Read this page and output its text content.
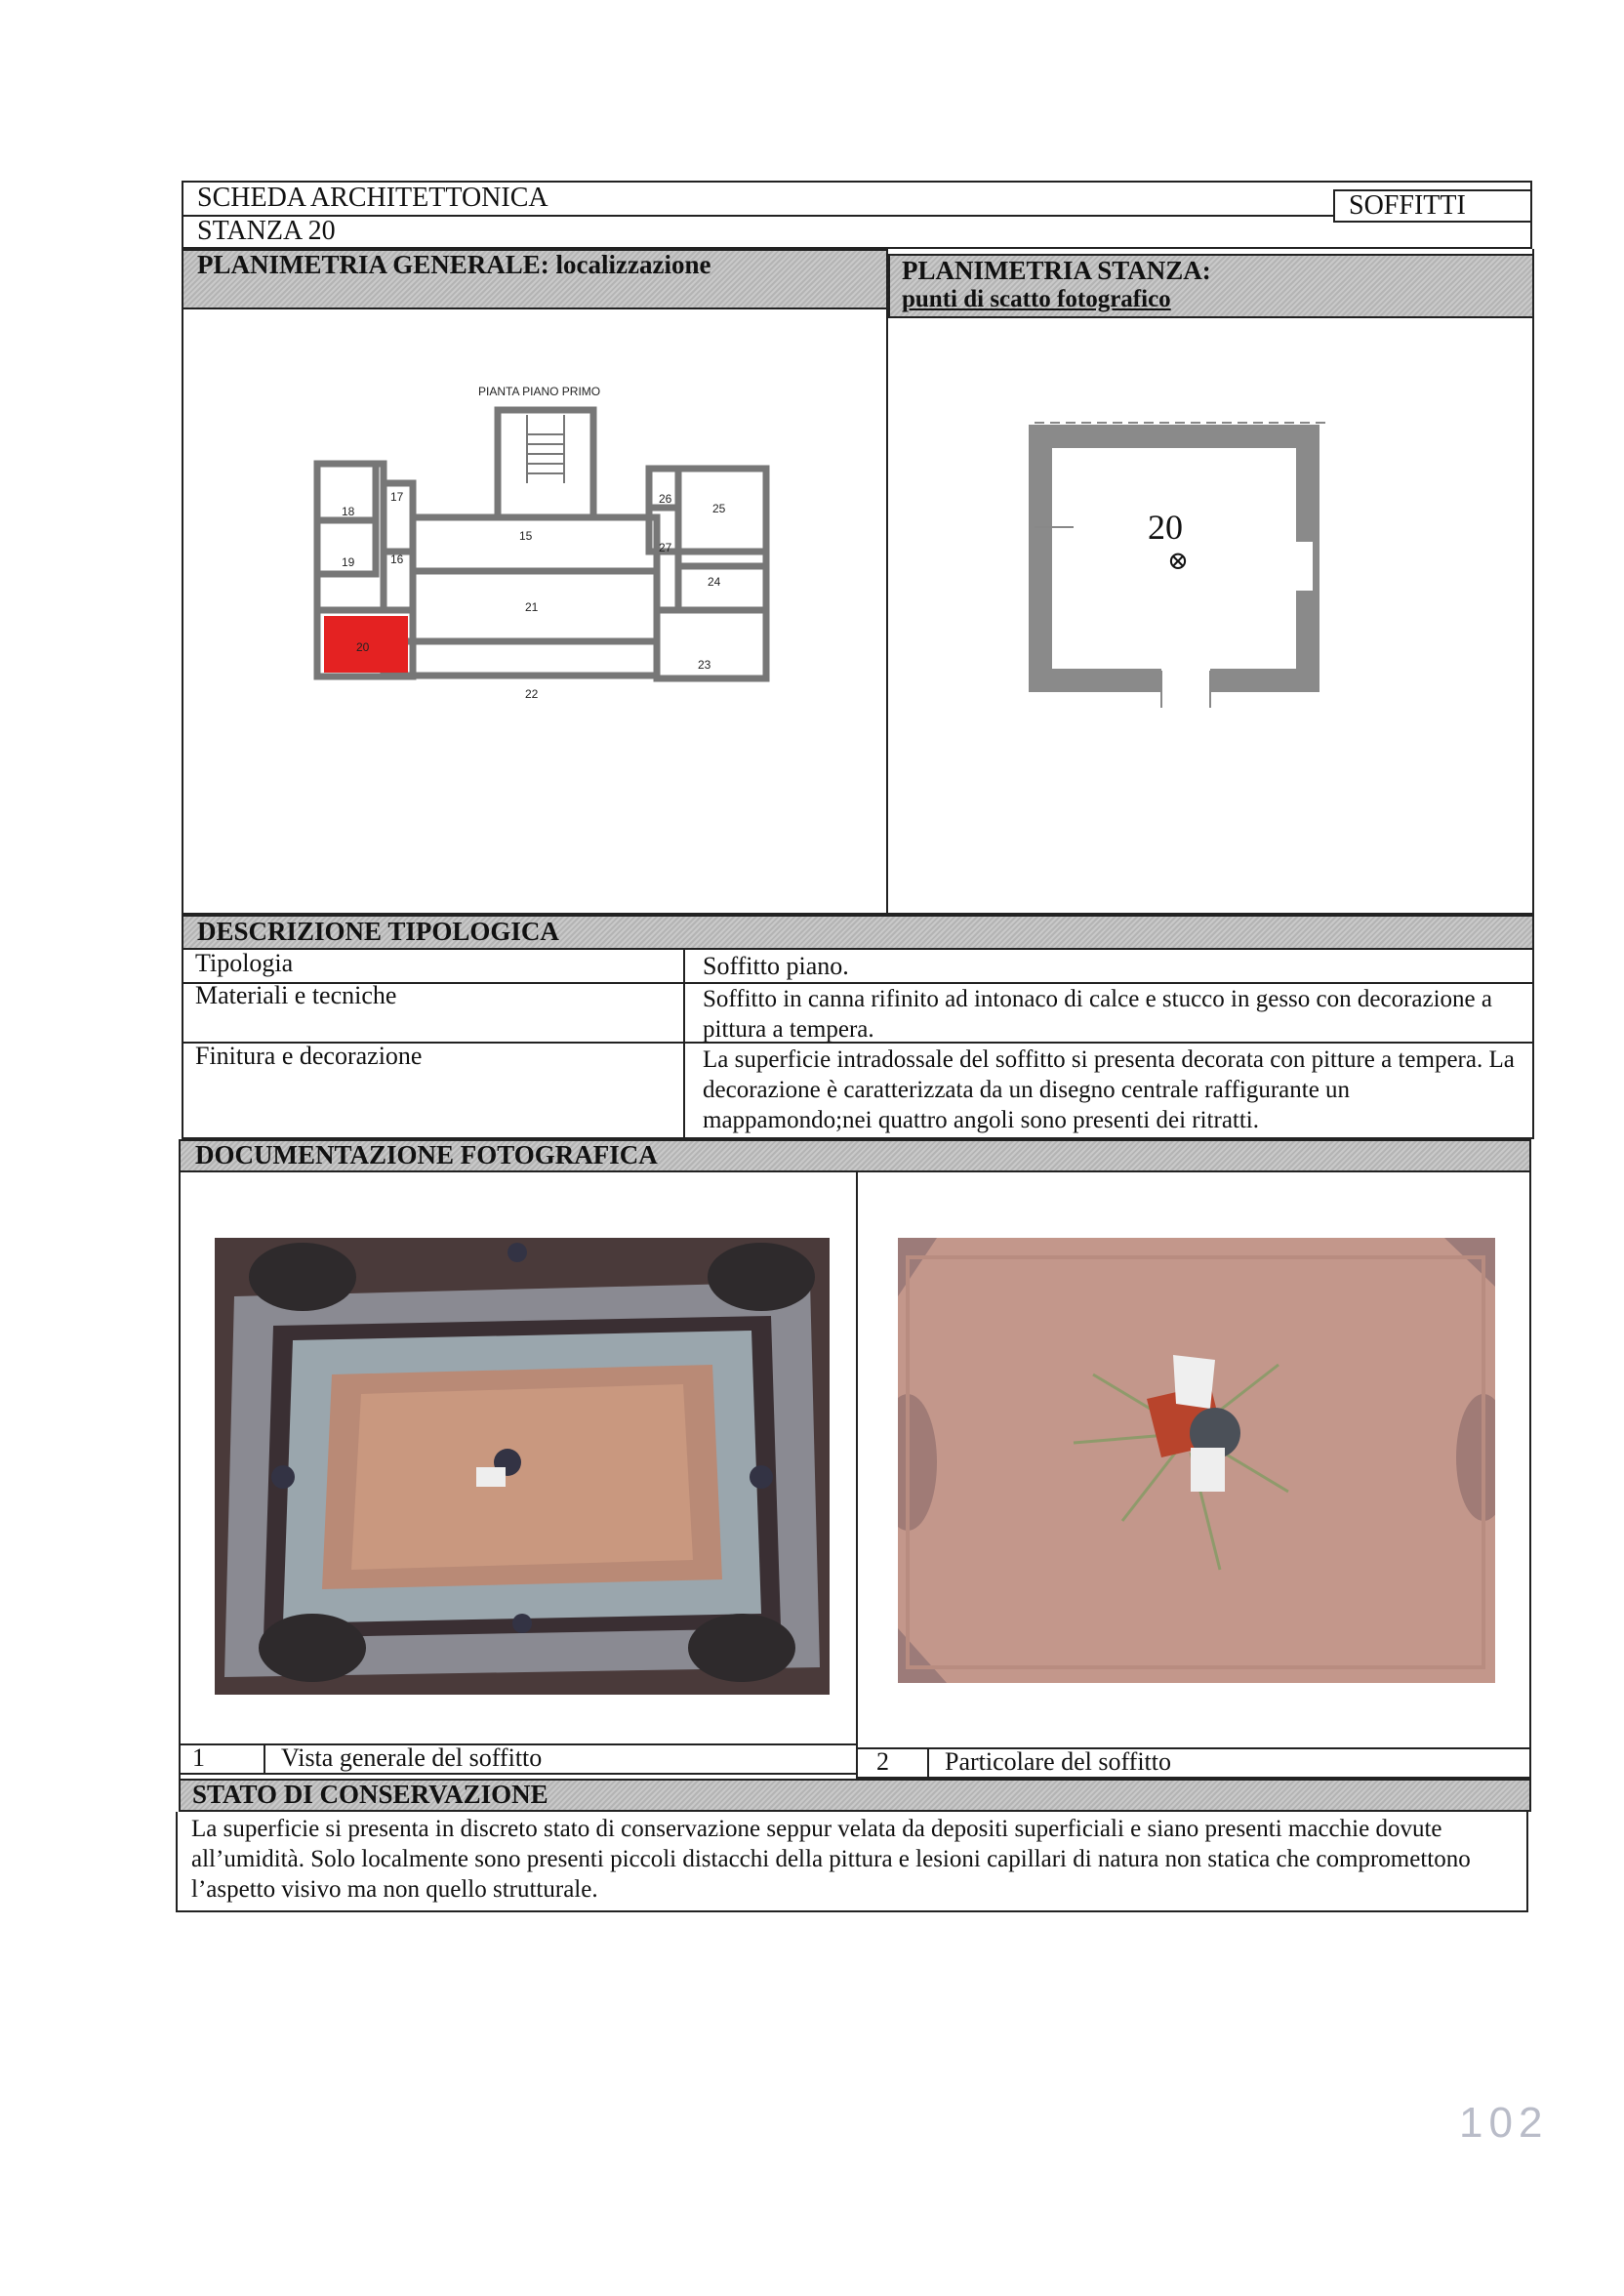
SCHEDA ARCHITETTONICA
STANZA 20
SOFFITTI
PLANIMETRIA GENERALE: localizzazione	PLANIMETRIA STANZA:
punti di scatto fotografico
PIANTA PIANO PRIMO
18
17
19	16
20
15
21
22
26
27
25
24
23
20
⊗
DESCRIZIONE TIPOLOGICA
Tipologia	Soffitto piano.
Materiali e tecniche	Soffitto in canna rifinito ad intonaco di calce e stucco in gesso con decorazione a pittura a tempera.
Finitura e decorazione	La superficie intradossale del soffitto si presenta decorata con pitture a tempera. La decorazione è caratterizzata da un disegno centrale raffigurante un mappamondo;nei quattro angoli sono presenti dei ritratti.
DOCUMENTAZIONE FOTOGRAFICA
1	Vista generale del soffitto	2 Particolare del soffitto
STATO DI CONSERVAZIONE
La superficie si presenta in discreto stato di conservazione seppur velata da depositi superficiali e siano presenti macchie dovute all’umidità. Solo localmente sono presenti piccoli distacchi della pittura e lesioni capillari di natura non statica che compromettono l’aspetto visivo ma non quello strutturale.
102
